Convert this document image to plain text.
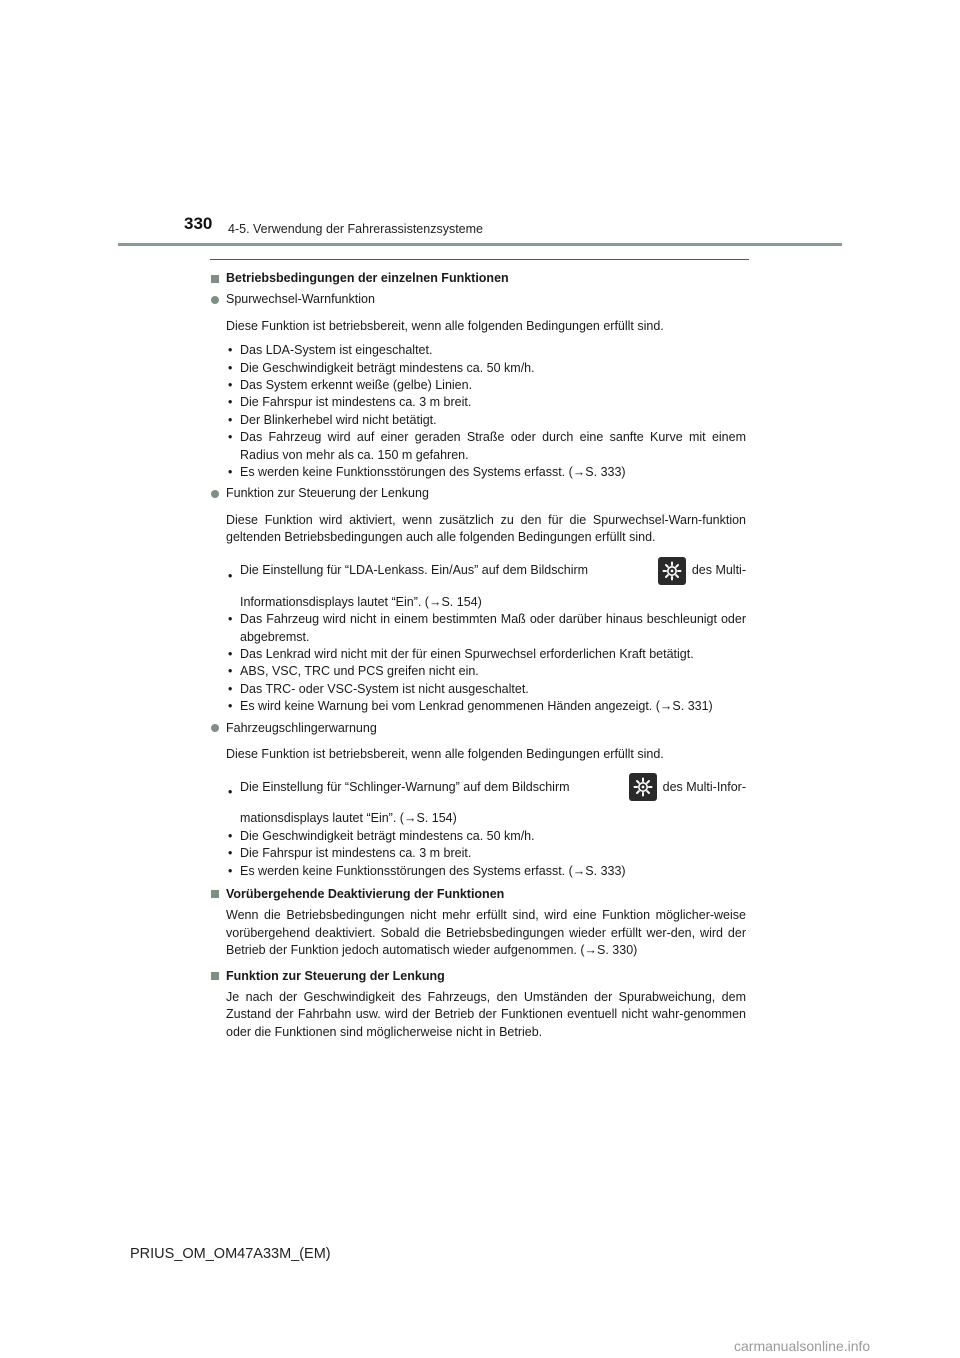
330 4-5. Verwendung der Fahrerassistenzsysteme
Betriebsbedingungen der einzelnen Funktionen
Spurwechsel-Warnfunktion
Diese Funktion ist betriebsbereit, wenn alle folgenden Bedingungen erfüllt sind.
• Das LDA-System ist eingeschaltet.
• Die Geschwindigkeit beträgt mindestens ca. 50 km/h.
• Das System erkennt weiße (gelbe) Linien.
• Die Fahrspur ist mindestens ca. 3 m breit.
• Der Blinkerhebel wird nicht betätigt.
• Das Fahrzeug wird auf einer geraden Straße oder durch eine sanfte Kurve mit einem Radius von mehr als ca. 150 m gefahren.
• Es werden keine Funktionsstörungen des Systems erfasst. (→S. 333)
Funktion zur Steuerung der Lenkung
Diese Funktion wird aktiviert, wenn zusätzlich zu den für die Spurwechsel-Warn-funktion geltenden Betriebsbedingungen auch alle folgenden Bedingungen erfüllt sind.
• Die Einstellung für “LDA-Lenkass. Ein/Aus” auf dem Bildschirm	des Multi-
Informationsdisplays lautet “Ein”. (→S. 154)
• Das Fahrzeug wird nicht in einem bestimmten Maß oder darüber hinaus beschleunigt oder abgebremst.
• Das Lenkrad wird nicht mit der für einen Spurwechsel erforderlichen Kraft betätigt.
• ABS, VSC, TRC und PCS greifen nicht ein.
• Das TRC- oder VSC-System ist nicht ausgeschaltet.
• Es wird keine Warnung bei vom Lenkrad genommenen Händen angezeigt. (→S. 331)
Fahrzeugschlingerwarnung
Diese Funktion ist betriebsbereit, wenn alle folgenden Bedingungen erfüllt sind.
• Die Einstellung für “Schlinger-Warnung” auf dem Bildschirm	des Multi-Infor-
mationsdisplays lautet “Ein”. (→S. 154)
• Die Geschwindigkeit beträgt mindestens ca. 50 km/h.
• Die Fahrspur ist mindestens ca. 3 m breit.
• Es werden keine Funktionsstörungen des Systems erfasst. (→S. 333)
Vorübergehende Deaktivierung der Funktionen
Wenn die Betriebsbedingungen nicht mehr erfüllt sind, wird eine Funktion möglicher-weise vorübergehend deaktiviert. Sobald die Betriebsbedingungen wieder erfüllt wer-den, wird der Betrieb der Funktion jedoch automatisch wieder aufgenommen. (→S. 330)
Funktion zur Steuerung der Lenkung
Je nach der Geschwindigkeit des Fahrzeugs, den Umständen der Spurabweichung, dem Zustand der Fahrbahn usw. wird der Betrieb der Funktionen eventuell nicht wahr-genommen oder die Funktionen sind möglicherweise nicht in Betrieb.
PRIUS_OM_OM47A33M_(EM)
carmanualsonline.info
